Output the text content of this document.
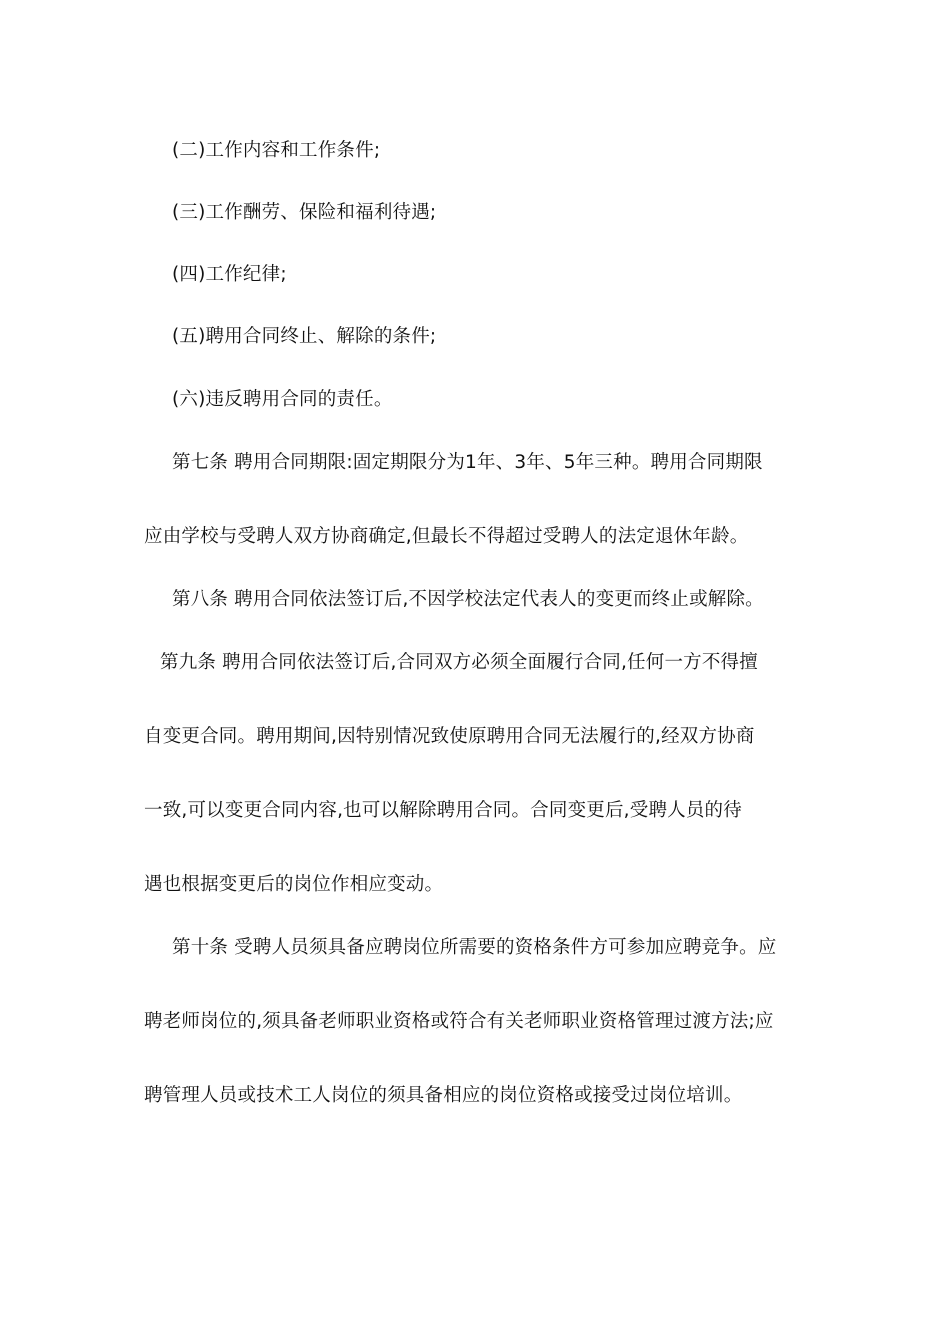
(二)工作内容和工作条件;
(三)工作酬劳、保险和福利待遇;
(四)工作纪律;
(五)聘用合同终止、解除的条件;
(六)违反聘用合同的责任。
第七条 聘用合同期限:固定期限分为1年、3年、5年三种。聘用合同期限
应由学校与受聘人双方协商确定,但最长不得超过受聘人的法定退休年龄。
第八条 聘用合同依法签订后,不因学校法定代表人的变更而终止或解除。
第九条 聘用合同依法签订后,合同双方必须全面履行合同,任何一方不得擅
自变更合同。聘用期间,因特别情况致使原聘用合同无法履行的,经双方协商
一致,可以变更合同内容,也可以解除聘用合同。合同变更后,受聘人员的待
遇也根据变更后的岗位作相应变动。
第十条 受聘人员须具备应聘岗位所需要的资格条件方可参加应聘竞争。应
聘老师岗位的,须具备老师职业资格或符合有关老师职业资格管理过渡方法;应
聘管理人员或技术工人岗位的须具备相应的岗位资格或接受过岗位培训。
